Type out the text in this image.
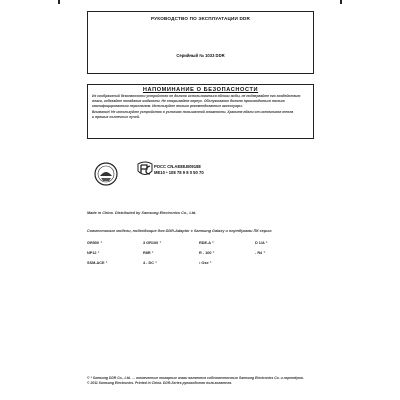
РУКОВОДСТВО ПО ЭКСПЛУАТАЦИИ DDR
Серийный № 1033 DDR
НАПОМИНАНИЕ О БЕЗОПАСНОСТИ
Из соображений безопасности устройство не должно использоваться вблизи воды, не подвергайте его воздействию
влаги, избегайте попадания жидкости. Не открывайте корпус. Обслуживание должно производиться только
квалифицированным персоналом. Используйте только рекомендованные аксессуары.
Внимание! Не используйте устройство в условиях повышенной влажности. Храните вдали от источников тепла
и прямых солнечных лучей.
РОСС CN.AE88.B09188
МЕ10 • 108 78 9 8 0 50 70
Made in China. Distributed by Samsung Electronics Co., Ltd.
Совместимые модели, подходящие для DDR-Adaptor с Samsung Galaxy и ноутбуками ПК серии:
GR500 ⁺	3 GR100 ⁺	RDE-A ⁺	D 1/A ⁺
NP12 ⁺	R8R ⁺	R - 100 ⁺	- R4 ⁺
SSM-ACE ⁺	4 - DC ⁺	• Ose ⁺
© * Samsung DDR Co., Ltd. — отмеченные товарные знаки являются собственностью Samsung Electronics Co. и партнёров.
© 2011 Samsung Electronics. Printed in China. DDR-Series руководство пользователя.
